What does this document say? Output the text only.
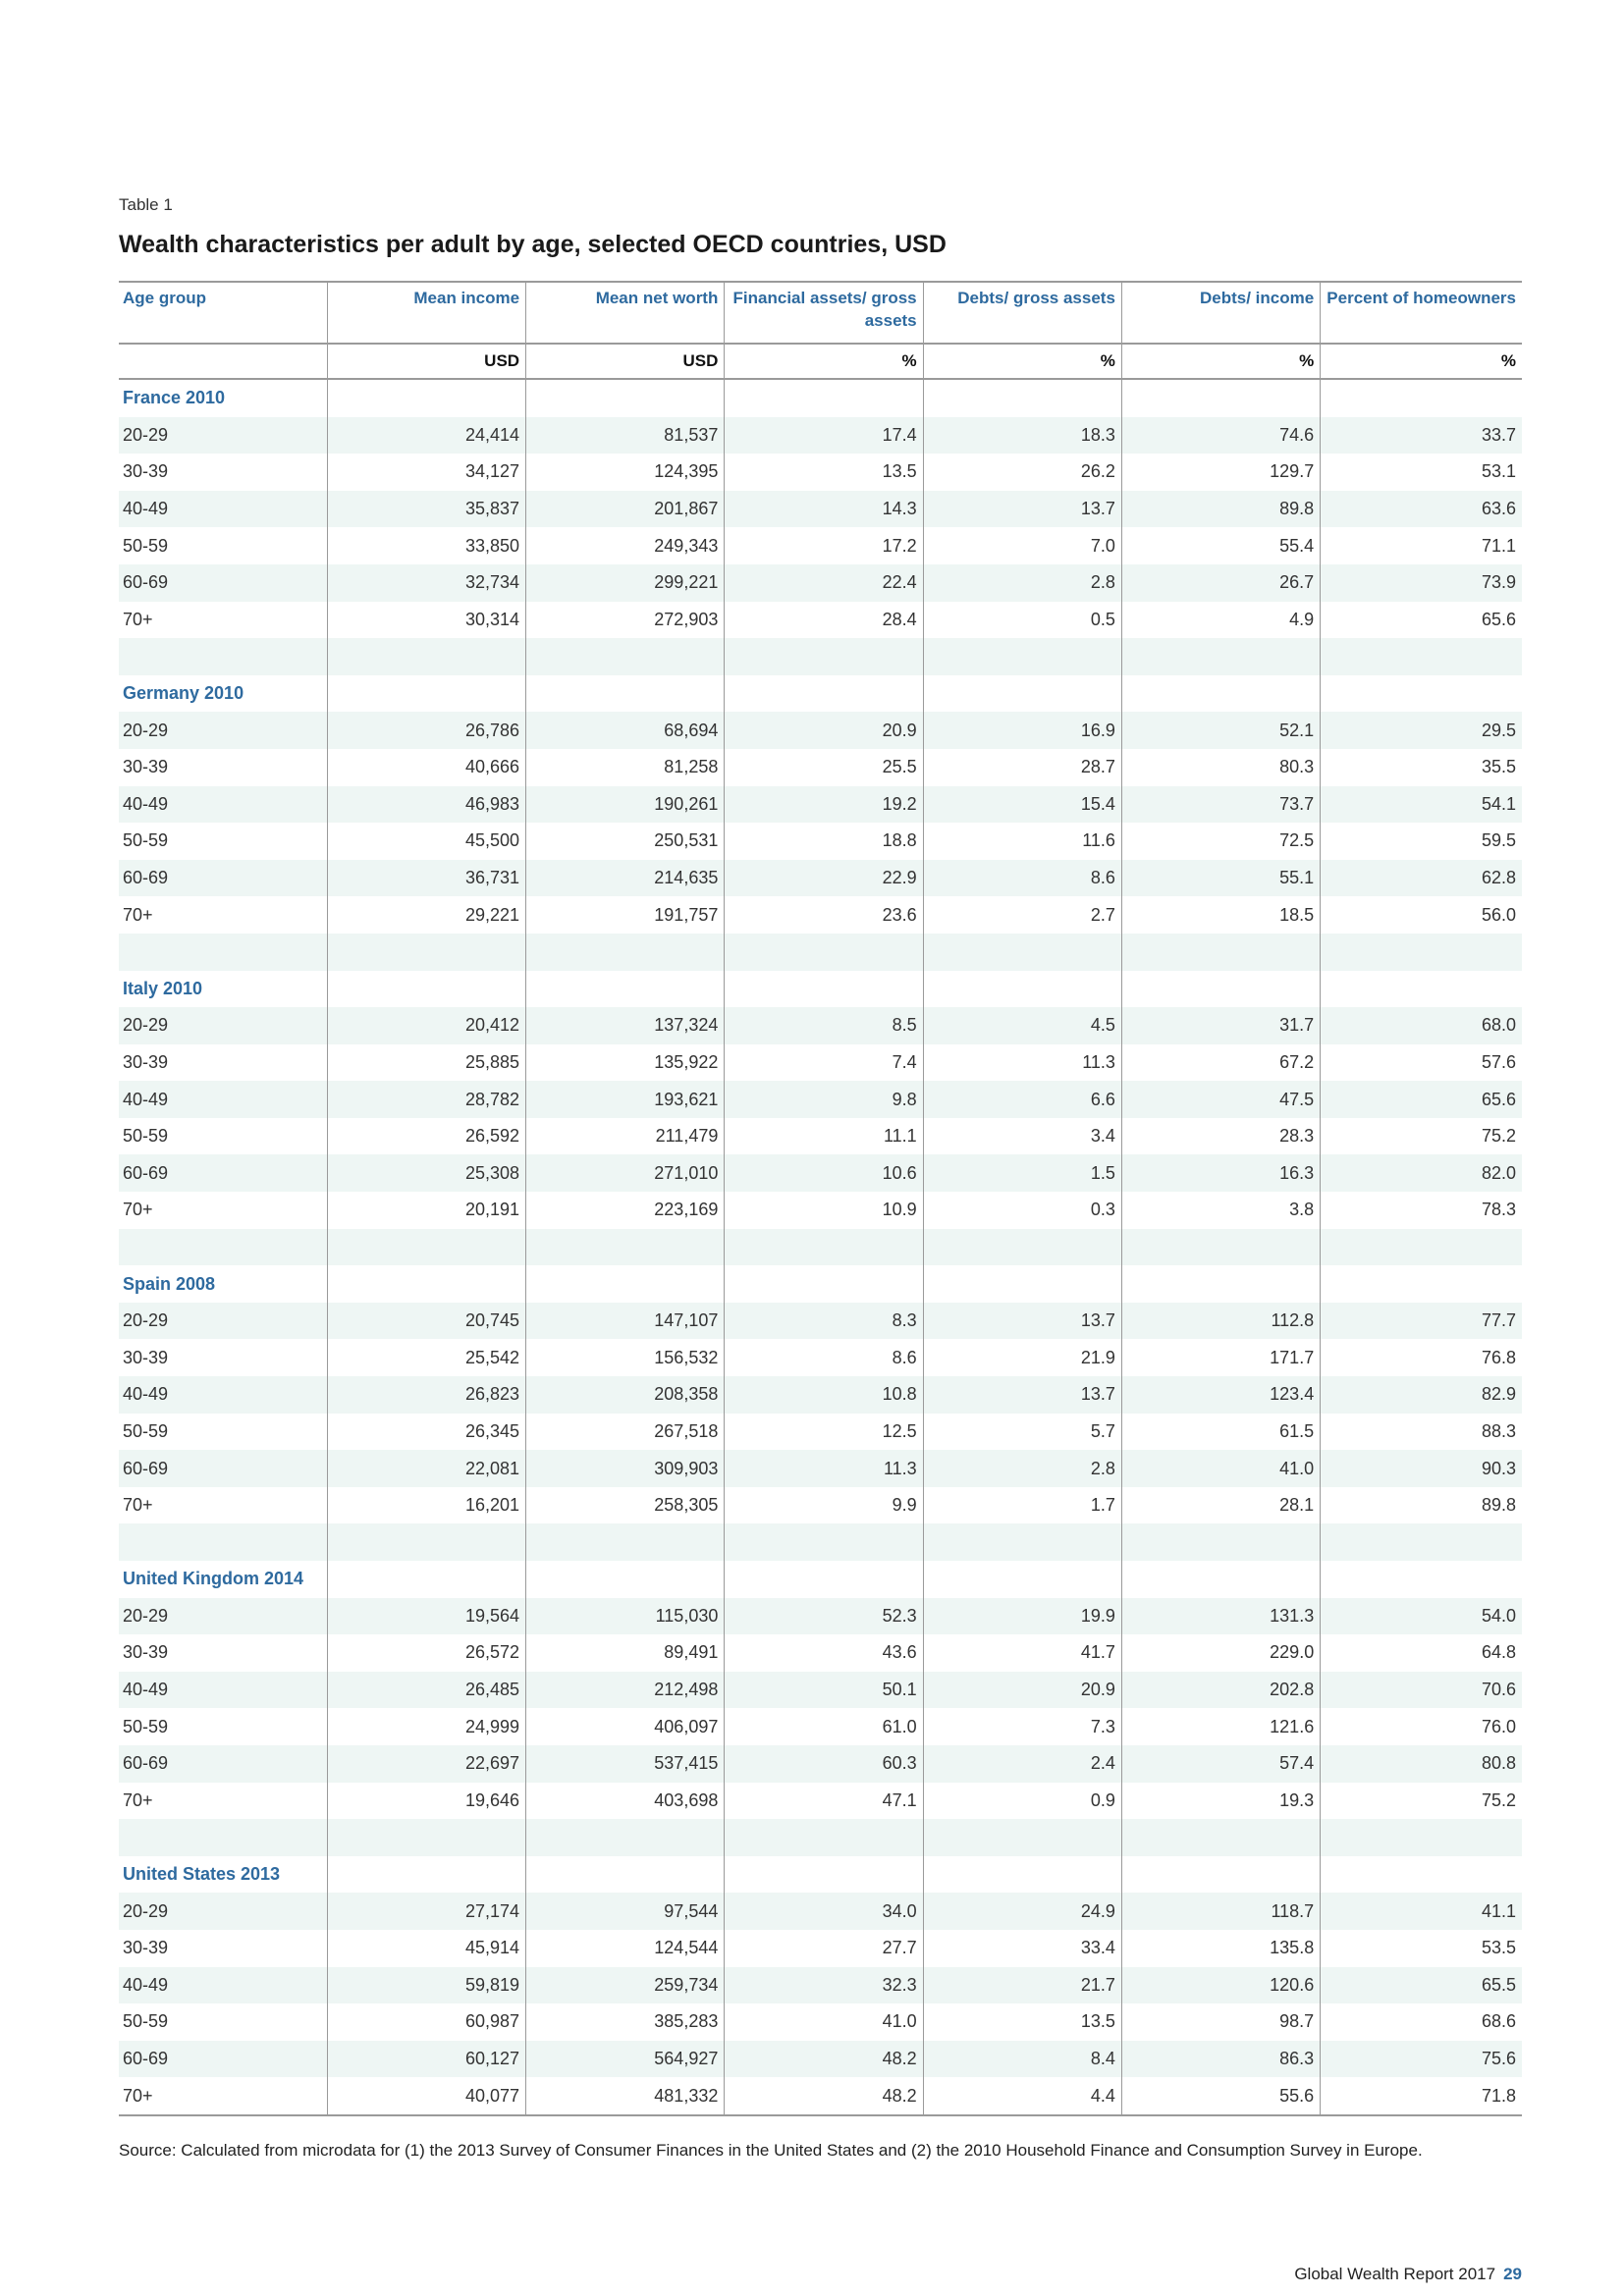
Table 1
Wealth characteristics per adult by age, selected OECD countries, USD
Age group	Mean income	Mean net worth	Financial assets/ gross assets	Debts/ gross assets	Debts/ income	Percent of homeowners
	USD	USD	%	%	%	%
France 2010						
20-29	24,414	81,537	17.4	18.3	74.6	33.7
30-39	34,127	124,395	13.5	26.2	129.7	53.1
40-49	35,837	201,867	14.3	13.7	89.8	63.6
50-59	33,850	249,343	17.2	7.0	55.4	71.1
60-69	32,734	299,221	22.4	2.8	26.7	73.9
70+	30,314	272,903	28.4	0.5	4.9	65.6

Germany 2010						
20-29	26,786	68,694	20.9	16.9	52.1	29.5
30-39	40,666	81,258	25.5	28.7	80.3	35.5
40-49	46,983	190,261	19.2	15.4	73.7	54.1
50-59	45,500	250,531	18.8	11.6	72.5	59.5
60-69	36,731	214,635	22.9	8.6	55.1	62.8
70+	29,221	191,757	23.6	2.7	18.5	56.0

Italy 2010						
20-29	20,412	137,324	8.5	4.5	31.7	68.0
30-39	25,885	135,922	7.4	11.3	67.2	57.6
40-49	28,782	193,621	9.8	6.6	47.5	65.6
50-59	26,592	211,479	11.1	3.4	28.3	75.2
60-69	25,308	271,010	10.6	1.5	16.3	82.0
70+	20,191	223,169	10.9	0.3	3.8	78.3

Spain 2008						
20-29	20,745	147,107	8.3	13.7	112.8	77.7
30-39	25,542	156,532	8.6	21.9	171.7	76.8
40-49	26,823	208,358	10.8	13.7	123.4	82.9
50-59	26,345	267,518	12.5	5.7	61.5	88.3
60-69	22,081	309,903	11.3	2.8	41.0	90.3
70+	16,201	258,305	9.9	1.7	28.1	89.8

United Kingdom 2014						
20-29	19,564	115,030	52.3	19.9	131.3	54.0
30-39	26,572	89,491	43.6	41.7	229.0	64.8
40-49	26,485	212,498	50.1	20.9	202.8	70.6
50-59	24,999	406,097	61.0	7.3	121.6	76.0
60-69	22,697	537,415	60.3	2.4	57.4	80.8
70+	19,646	403,698	47.1	0.9	19.3	75.2

United States 2013						
20-29	27,174	97,544	34.0	24.9	118.7	41.1
30-39	45,914	124,544	27.7	33.4	135.8	53.5
40-49	59,819	259,734	32.3	21.7	120.6	65.5
50-59	60,987	385,283	41.0	13.5	98.7	68.6
60-69	60,127	564,927	48.2	8.4	86.3	75.6
70+	40,077	481,332	48.2	4.4	55.6	71.8
Source: Calculated from microdata for (1) the 2013 Survey of Consumer Finances in the United States and (2) the 2010 Household Finance and Consumption Survey in Europe.
Global Wealth Report 2017 29
